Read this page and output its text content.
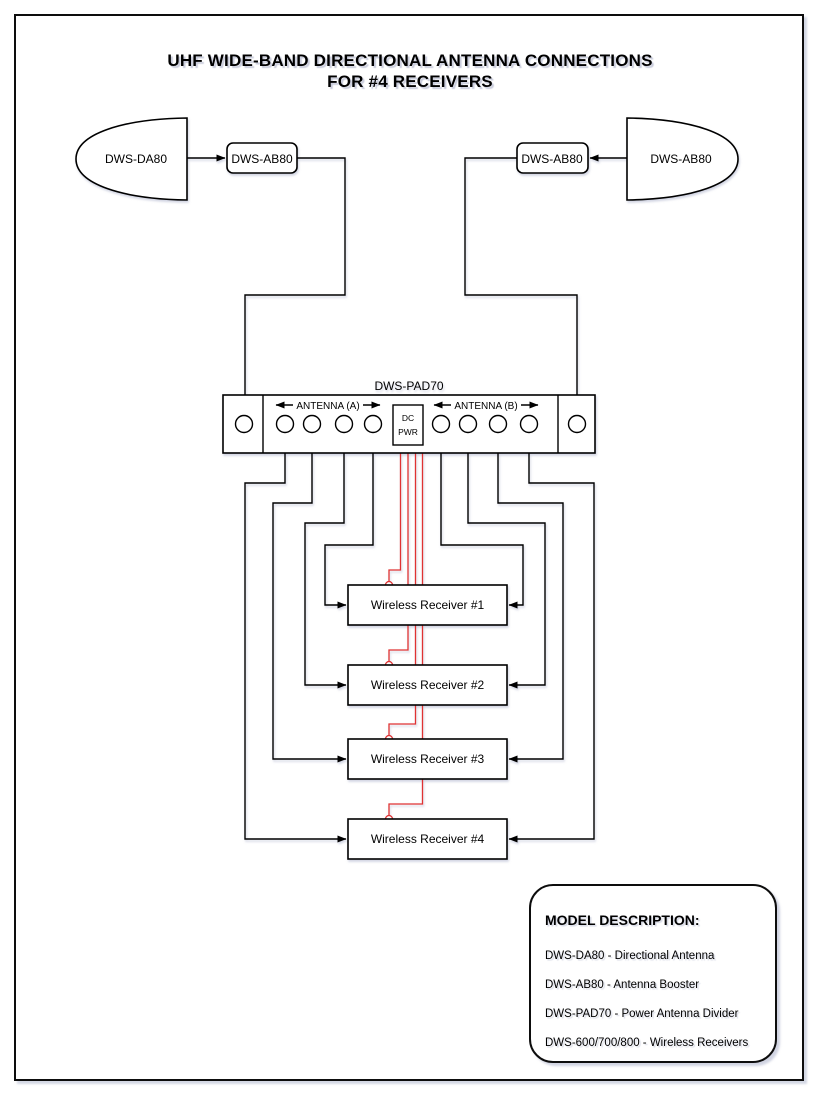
UHF WIDE-BAND DIRECTIONAL ANTENNA CONNECTIONS
FOR #4 RECEIVERS
DWS-DA80	DWS-AB80
DWS-AB80	DWS-AB80
DWS-PAD70
ANTENNA (A)	ANTENNA (B)
DC
PWR
Wireless Receiver #1
Wireless Receiver #2
Wireless Receiver #3
Wireless Receiver #4
MODEL DESCRIPTION:
DWS-DA80 - Directional Antenna
DWS-AB80 - Antenna Booster
DWS-PAD70 - Power Antenna Divider
DWS-600/700/800 - Wireless Receivers
